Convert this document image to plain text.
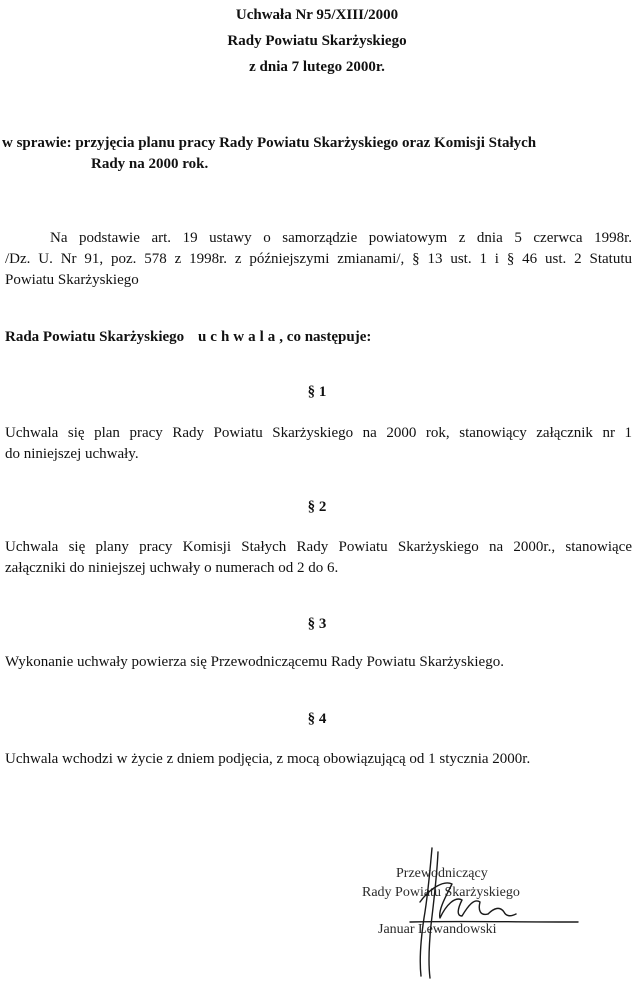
Uchwała Nr 95/XIII/2000

Rady Powiatu Skarżyskiego

z dnia 7 lutego 2000r.

w sprawie: przyjęcia planu pracy Rady Powiatu Skarżyskiego oraz Komisji Stałych

Rady na 2000 rok.

Na podstawie art. 19 ustawy o samorządzie powiatowym z dnia 5 czerwca 1998r.
/Dz. U. Nr 91, poz. 578 z 1998r. z późniejszymi zmianami/, § 13 ust. 1 i § 46 ust. 2 Statutu
Powiatu Skarżyskiego

Rada Powiatu Skarżyskiego uchwala, co następuje:

§ 1

Uchwala się plan pracy Rady Powiatu Skarżyskiego na 2000 rok, stanowiący załącznik nr 1
do niniejszej uchwały.

§ 2

Uchwala się plany pracy Komisji Stałych Rady Powiatu Skarżyskiego na 2000r., stanowiące
załączniki do niniejszej uchwały o numerach od 2 do 6.

§ 3

Wykonanie uchwały powierza się Przewodniczącemu Rady Powiatu Skarżyskiego.

§ 4

Uchwala wchodzi w życie z dniem podjęcia, z mocą obowiązującą od 1 stycznia 2000r.

Przewodniczący

Rady Powiatu Skarżyskiego

Januar Lewandowski
